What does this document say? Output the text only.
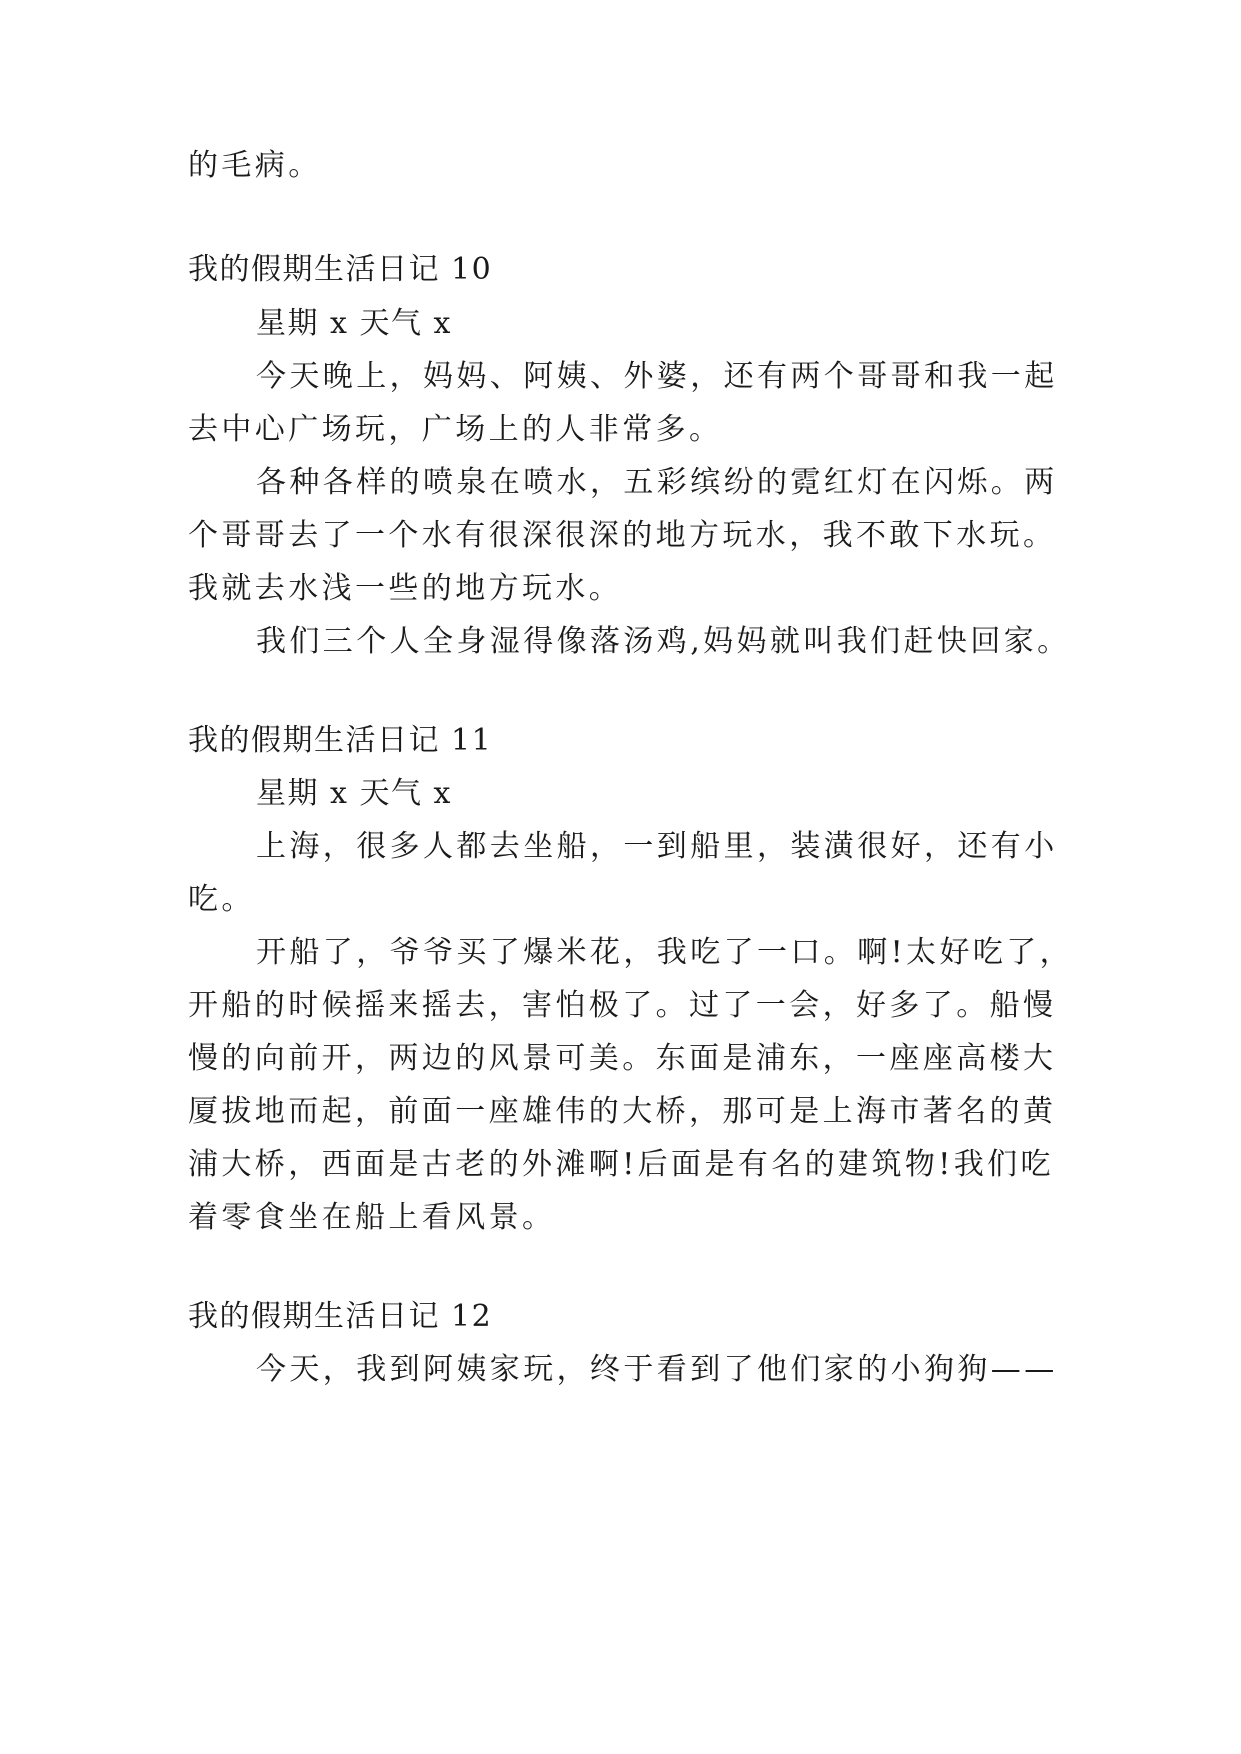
的毛病。
我的假期生活日记 10
星期 x 天气 x
今天晚上，妈妈、阿姨、外婆，还有两个哥哥和我一起
去中心广场玩，广场上的人非常多。
各种各样的喷泉在喷水，五彩缤纷的霓红灯在闪烁。两
个哥哥去了一个水有很深很深的地方玩水，我不敢下水玩。
我就去水浅一些的地方玩水。
我们三个人全身湿得像落汤鸡,妈妈就叫我们赶快回家。
我的假期生活日记 11
星期 x 天气 x
上海，很多人都去坐船，一到船里，装潢很好，还有小
吃。
开船了，爷爷买了爆米花，我吃了一口。啊!太好吃了，
开船的时候摇来摇去，害怕极了。过了一会，好多了。船慢
慢的向前开，两边的风景可美。东面是浦东，一座座高楼大
厦拔地而起，前面一座雄伟的大桥，那可是上海市著名的黄
浦大桥，西面是古老的外滩啊!后面是有名的建筑物!我们吃
着零食坐在船上看风景。
我的假期生活日记 12
今天，我到阿姨家玩，终于看到了他们家的小狗狗——
